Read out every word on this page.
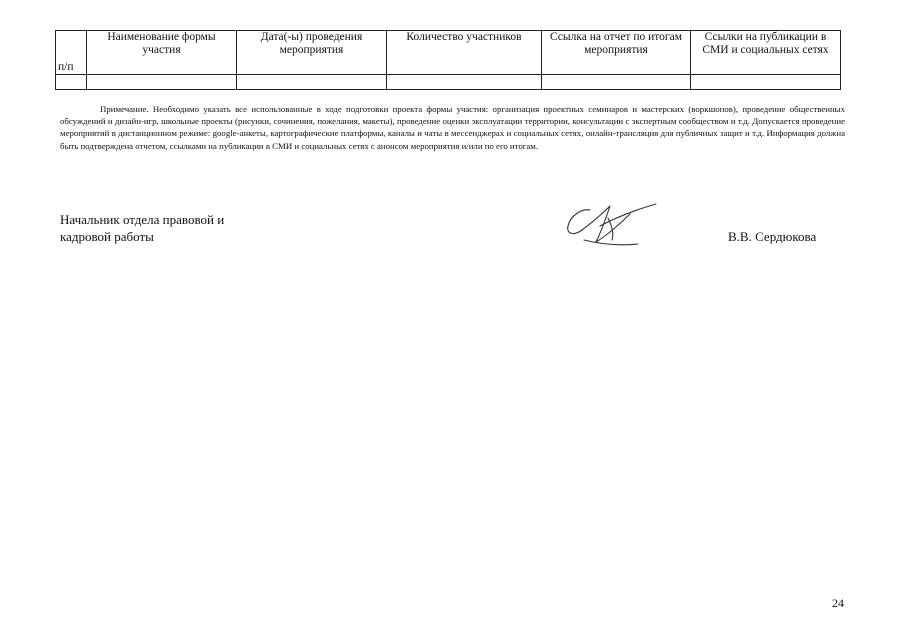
п/п	Наименование формы участия	Дата(-ы) проведения мероприятия	Количество участников	Ссылка на отчет по итогам мероприятия	Ссылки на публикации в СМИ и социальных сетях

Примечание. Необходимо указать все использованные в ходе подготовки проекта формы участия: организация проектных семинаров и мастерских (воркшопов), проведение общественных обсуждений и дизайн-игр, школьные проекты (рисунки, сочинения, пожелания, макеты), проведение оценки эксплуатации территории, консультации с экспертным сообществом и т.д. Допускается проведение мероприятий в дистанционном режиме: google-анкеты, картографические платформы, каналы и чаты в мессенджерах и социальных сетях, онлайн-трансляция для публичных защит и т.д. Информация должна быть подтверждена отчетом, ссылками на публикации в СМИ и социальных сетях с анонсом мероприятия и/или по его итогам.

Начальник отдела правовой и
кадровой работы	В.В. Сердюкова
24
